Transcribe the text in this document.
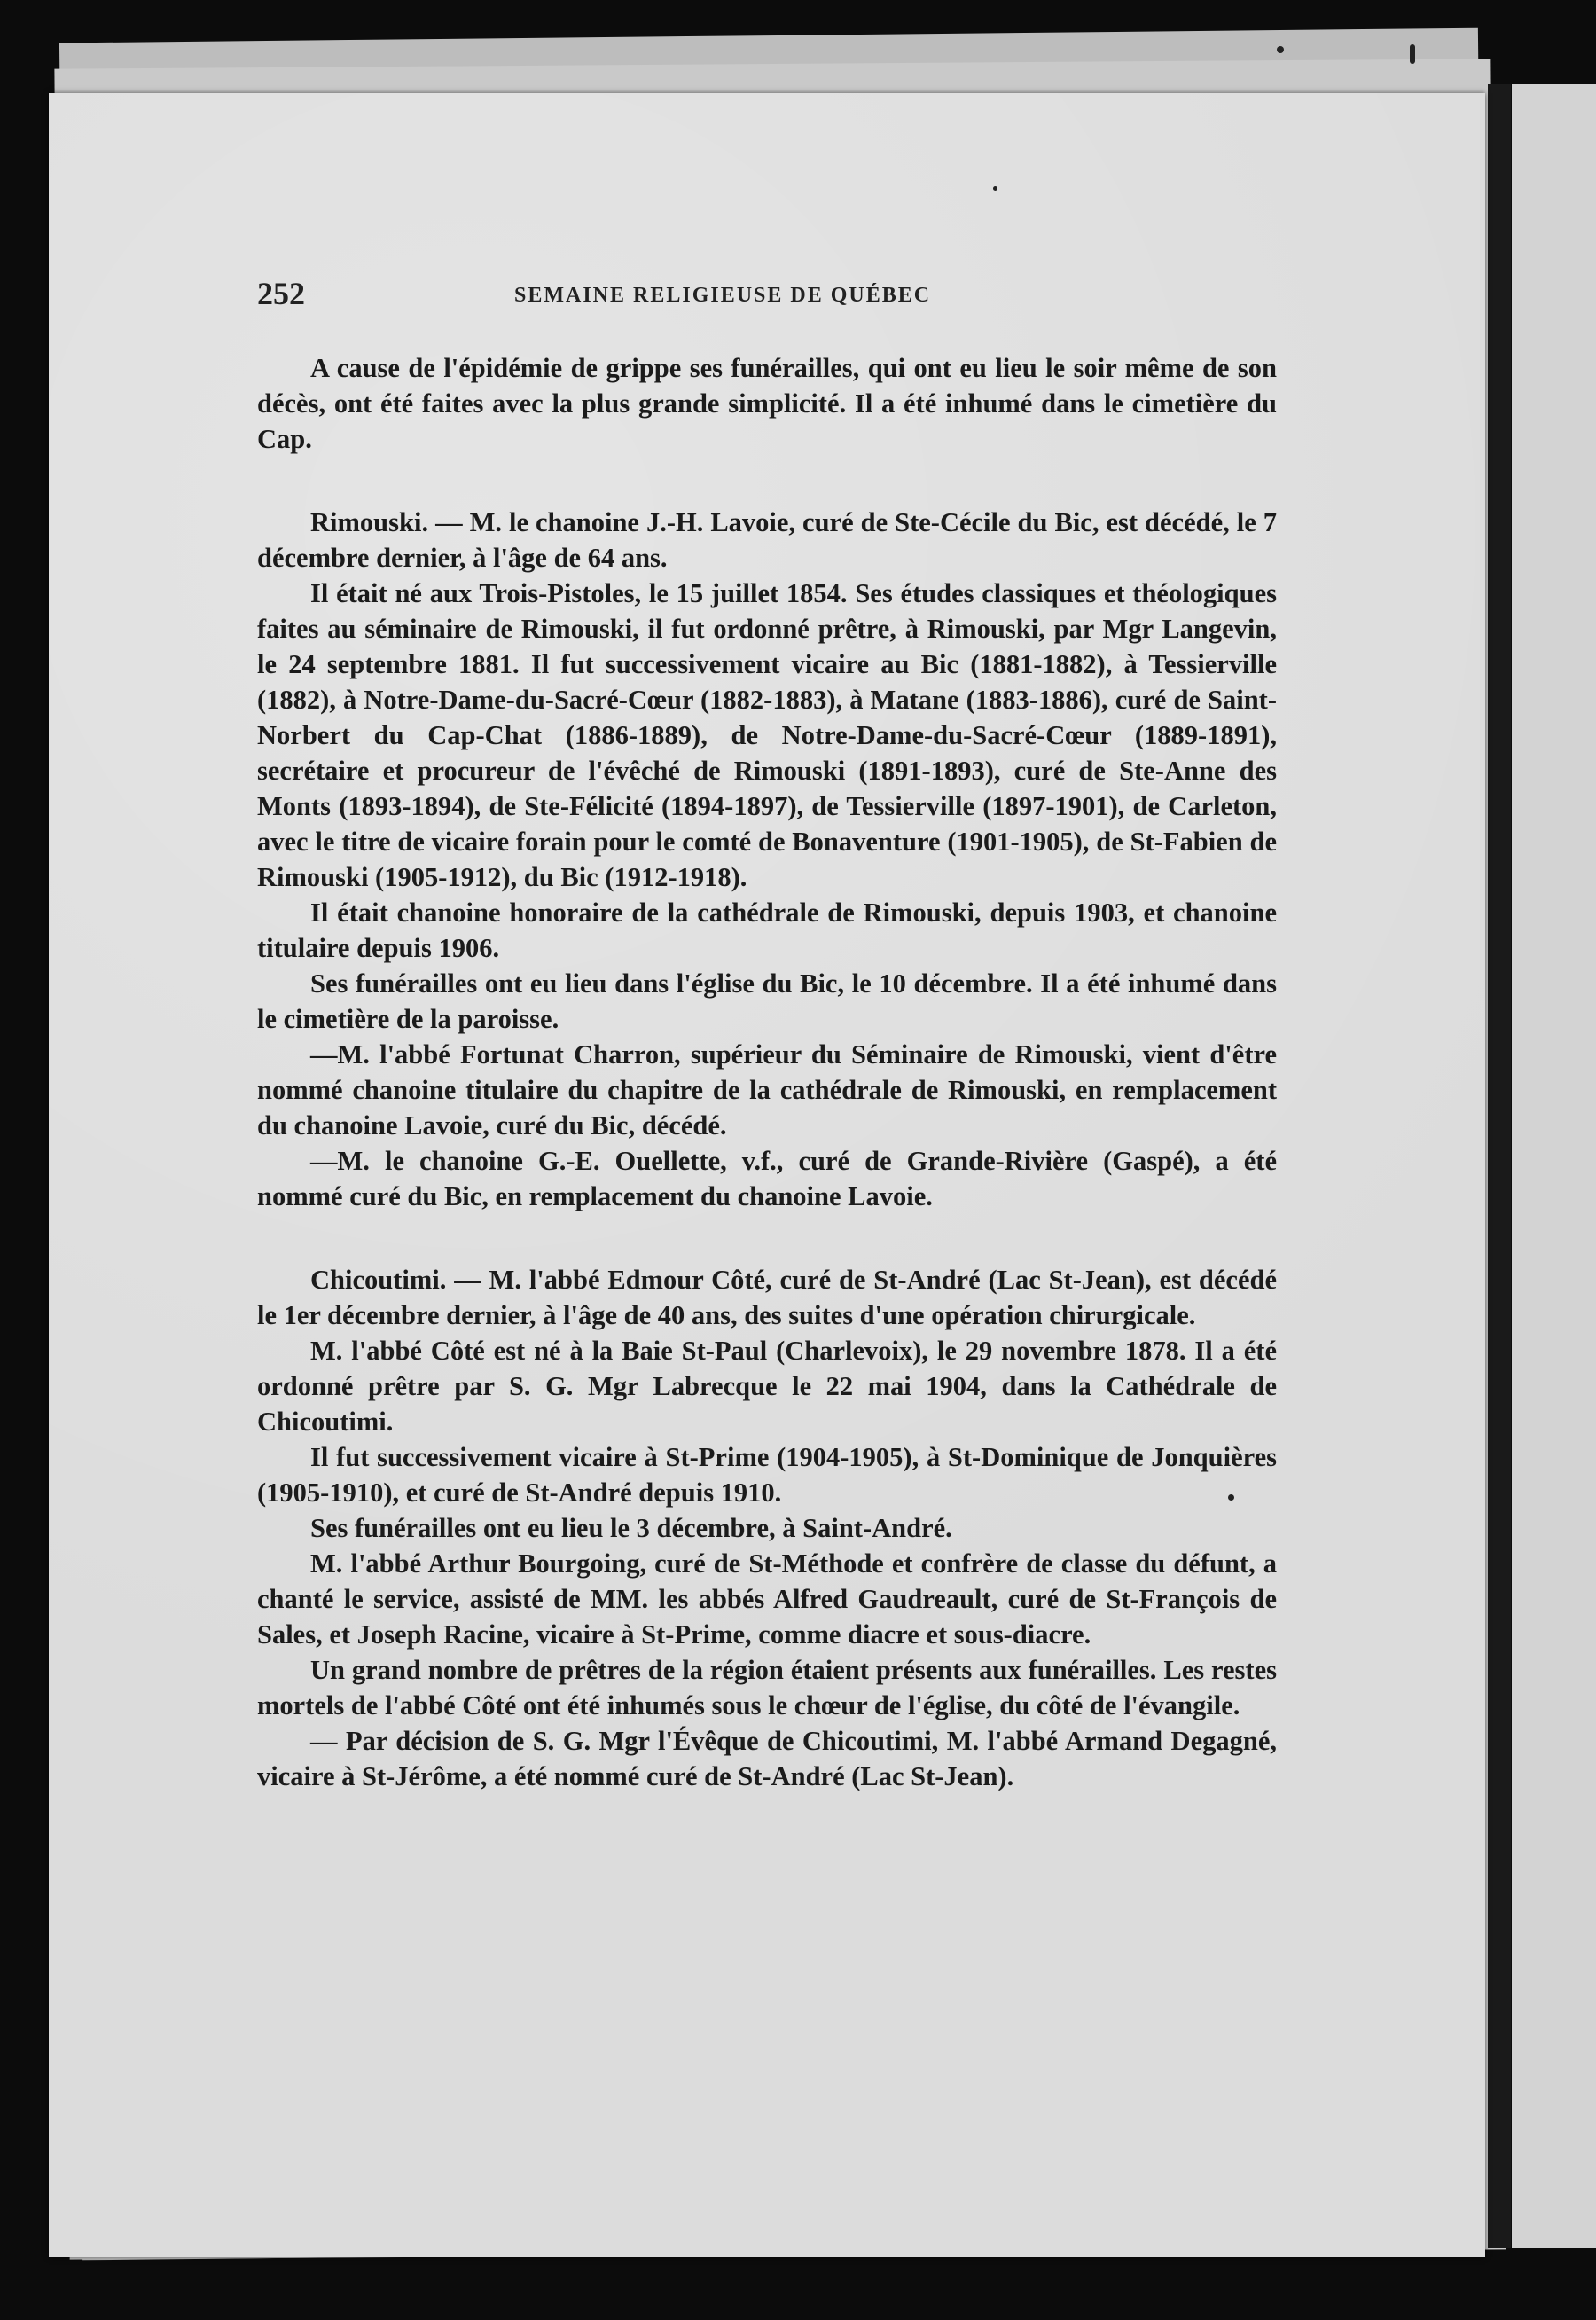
252	SEMAINE RELIGIEUSE DE QUÉBEC

A cause de l'épidémie de grippe ses funérailles, qui ont eu lieu le soir même de son décès, ont été faites avec la plus grande simplicité. Il a été inhumé dans le cimetière du Cap.

Rimouski. — M. le chanoine J.-H. Lavoie, curé de Ste-Cécile du Bic, est décédé, le 7 décembre dernier, à l'âge de 64 ans.

Il était né aux Trois-Pistoles, le 15 juillet 1854. Ses études classiques et théologiques faites au séminaire de Rimouski, il fut ordonné prêtre, à Rimouski, par Mgr Langevin, le 24 septembre 1881. Il fut successivement vicaire au Bic (1881-1882), à Tessierville (1882), à Notre-Dame-du-Sacré-Cœur (1882-1883), à Matane (1883-1886), curé de Saint-Norbert du Cap-Chat (1886-1889), de Notre-Dame-du-Sacré-Cœur (1889-1891), secrétaire et procureur de l'évêché de Rimouski (1891-1893), curé de Ste-Anne des Monts (1893-1894), de Ste-Félicité (1894-1897), de Tessierville (1897-1901), de Carleton, avec le titre de vicaire forain pour le comté de Bonaventure (1901-1905), de St-Fabien de Rimouski (1905-1912), du Bic (1912-1918).

Il était chanoine honoraire de la cathédrale de Rimouski, depuis 1903, et chanoine titulaire depuis 1906.

Ses funérailles ont eu lieu dans l'église du Bic, le 10 décembre. Il a été inhumé dans le cimetière de la paroisse.

—M. l'abbé Fortunat Charron, supérieur du Séminaire de Rimouski, vient d'être nommé chanoine titulaire du chapitre de la cathédrale de Rimouski, en remplacement du chanoine Lavoie, curé du Bic, décédé.

—M. le chanoine G.-E. Ouellette, v.f., curé de Grande-Rivière (Gaspé), a été nommé curé du Bic, en remplacement du chanoine Lavoie.

Chicoutimi. — M. l'abbé Edmour Côté, curé de St-André (Lac St-Jean), est décédé le 1er décembre dernier, à l'âge de 40 ans, des suites d'une opération chirurgicale.

M. l'abbé Côté est né à la Baie St-Paul (Charlevoix), le 29 novembre 1878. Il a été ordonné prêtre par S. G. Mgr Labrecque le 22 mai 1904, dans la Cathédrale de Chicoutimi.

Il fut successivement vicaire à St-Prime (1904-1905), à St-Dominique de Jonquières (1905-1910), et curé de St-André depuis 1910.

Ses funérailles ont eu lieu le 3 décembre, à Saint-André.

M. l'abbé Arthur Bourgoing, curé de St-Méthode et confrère de classe du défunt, a chanté le service, assisté de MM. les abbés Alfred Gaudreault, curé de St-François de Sales, et Joseph Racine, vicaire à St-Prime, comme diacre et sous-diacre.

Un grand nombre de prêtres de la région étaient présents aux funérailles. Les restes mortels de l'abbé Côté ont été inhumés sous le chœur de l'église, du côté de l'évangile.

— Par décision de S. G. Mgr l'Évêque de Chicoutimi, M. l'abbé Armand Degagné, vicaire à St-Jérôme, a été nommé curé de St-André (Lac St-Jean).
